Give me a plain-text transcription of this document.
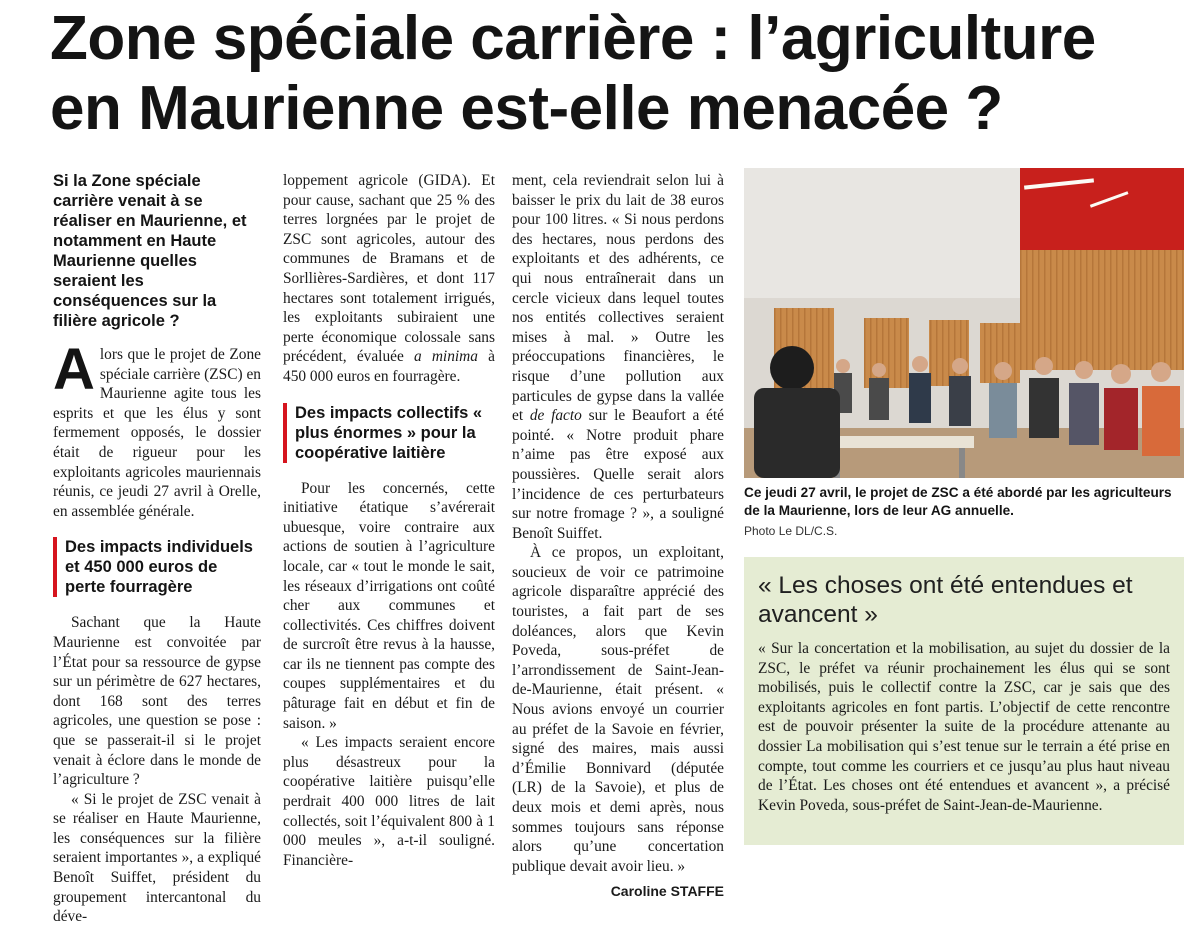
Zone spéciale carrière : l’agriculture
en Maurienne est-elle menacée ?
Si la Zone spéciale carrière venait à se réaliser en Maurienne, et notamment en Haute Maurienne quelles seraient les conséquences sur la filière agricole ?

Alors que le projet de Zone spéciale carrière (ZSC) en Maurienne agite tous les esprits et que les élus y sont fermement opposés, le dossier était de rigueur pour les exploitants agricoles mauriennais réunis, ce jeudi 27 avril à Orelle, en assemblée générale.

Des impacts individuels et 450 000 euros de perte fourragère

Sachant que la Haute Maurienne est convoitée par l’État pour sa ressource de gypse sur un périmètre de 627 hectares, dont 168 sont des terres agricoles, une question se pose : que se passerait-il si le projet venait à éclore dans le monde de l’agriculture ?

« Si le projet de ZSC venait à se réaliser en Haute Maurienne, les conséquences sur la filière seraient importantes », a expliqué Benoît Suiffet, président du groupement intercantonal du déve-

loppement agricole (GIDA). Et pour cause, sachant que 25 % des terres lorgnées par le projet de ZSC sont agricoles, autour des communes de Bramans et de Sorllières-Sardières, et dont 117 hectares sont totalement irrigués, les exploitants subiraient une perte économique colossale sans précédent, évaluée a minima à 450 000 euros en fourragère.

Des impacts collectifs « plus énormes » pour la coopérative laitière

Pour les concernés, cette initiative étatique s’avérerait ubuesque, voire contraire aux actions de soutien à l’agriculture locale, car « tout le monde le sait, les réseaux d’irrigations ont coûté cher aux communes et collectivités. Ces chiffres doivent de surcroît être revus à la hausse, car ils ne tiennent pas compte des coupes supplémentaires et du pâturage fait en début et fin de saison. »

« Les impacts seraient encore plus désastreux pour la coopérative laitière puisqu’elle perdrait 400 000 litres de lait collectés, soit l’équivalent 800 à 1 000 meules », a-t-il souligné. Financière-

ment, cela reviendrait selon lui à baisser le prix du lait de 38 euros pour 100 litres. « Si nous perdons des hectares, nous perdons des exploitants et des adhérents, ce qui nous entraînerait dans un cercle vicieux dans lequel toutes nos entités collectives seraient mises à mal. » Outre les préoccupations financières, le risque d’une pollution aux particules de gypse dans la vallée et de facto sur le Beaufort a été pointé. « Notre produit phare n’aime pas être exposé aux poussières. Quelle serait alors l’incidence de ces perturbateurs sur notre fromage ? », a souligné Benoît Suiffet.

À ce propos, un exploitant, soucieux de voir ce patrimoine agricole disparaître apprécié des touristes, a fait part de ses doléances, alors que Kevin Poveda, sous-préfet de l’arrondissement de Saint-Jean-de-Maurienne, était présent. « Nous avions envoyé un courrier au préfet de la Savoie en février, signé des maires, mais aussi d’Émilie Bonnivard (députée (LR) de la Savoie), et plus de deux mois et demi après, nous sommes toujours sans réponse alors qu’une concertation publique devait avoir lieu. »

Caroline STAFFE
Ce jeudi 27 avril, le projet de ZSC a été abordé par les agriculteurs de la Maurienne, lors de leur AG annuelle.
Photo Le DL/C.S.
« Les choses ont été entendues et avancent »

« Sur la concertation et la mobilisation, au sujet du dossier de la ZSC, le préfet va réunir prochainement les élus qui se sont mobilisés, puis le collectif contre la ZSC, car je sais que des exploitants agricoles en font partis. L’objectif de cette rencontre est de pouvoir présenter la suite de la procédure attenante au dossier La mobilisation qui s’est tenue sur le terrain a été prise en compte, tout comme les courriers et ce jusqu’au plus haut niveau de l’État. Les choses ont été entendues et avancent », a précisé Kevin Poveda, sous-préfet de Saint-Jean-de-Maurienne.
